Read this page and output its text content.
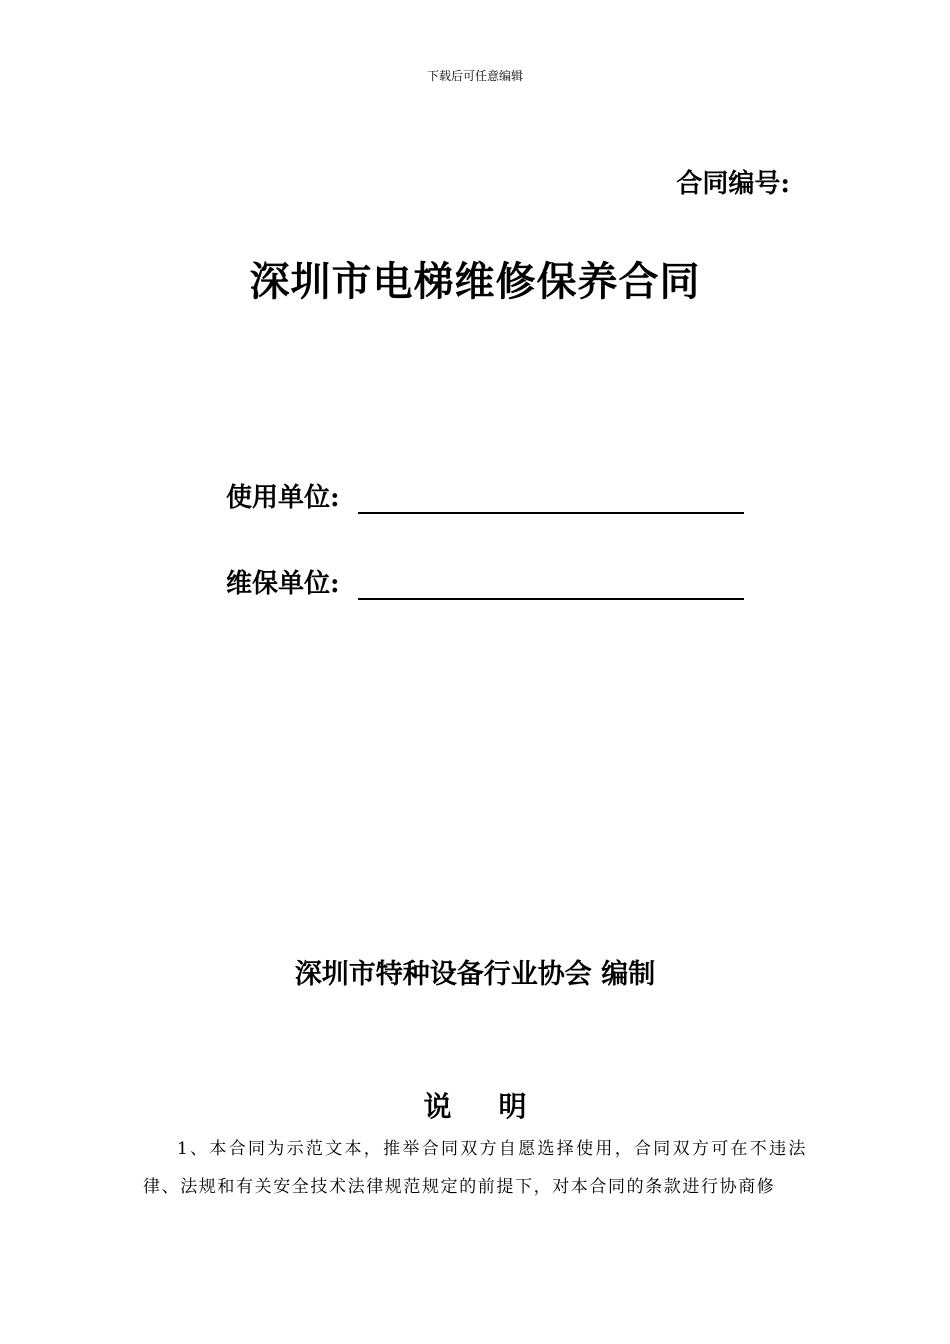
下载后可任意编辑
合同编号:
深圳市电梯维修保养合同
使用单位:
维保单位:
深圳市特种设备行业协会 编制
说    明

1、本合同为示范文本，推举合同双方自愿选择使用，合同双方可在不违法律、法规和有关安全技术法律规范规定的前提下，对本合同的条款进行协商修
